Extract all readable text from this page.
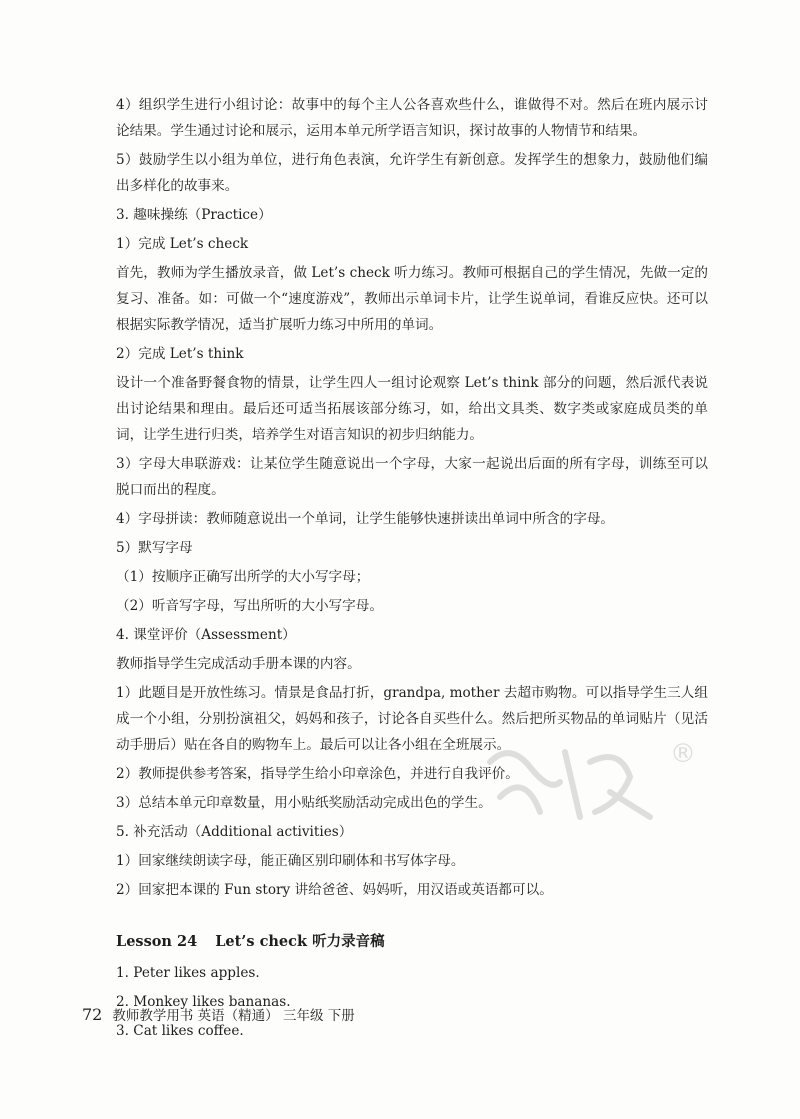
4）组织学生进行小组讨论：故事中的每个主人公各喜欢些什么，谁做得不对。然后在班内展示讨论结果。学生通过讨论和展示，运用本单元所学语言知识，探讨故事的人物情节和结果。

5）鼓励学生以小组为单位，进行角色表演，允许学生有新创意。发挥学生的想象力，鼓励他们编出多样化的故事来。

3. 趣味操练（Practice）

1）完成 Let’s check

首先，教师为学生播放录音，做 Let’s check 听力练习。教师可根据自己的学生情况，先做一定的复习、准备。如：可做一个“速度游戏”，教师出示单词卡片，让学生说单词，看谁反应快。还可以根据实际教学情况，适当扩展听力练习中所用的单词。

2）完成 Let’s think

设计一个准备野餐食物的情景，让学生四人一组讨论观察 Let’s think 部分的问题，然后派代表说出讨论结果和理由。最后还可适当拓展该部分练习，如，给出文具类、数字类或家庭成员类的单词，让学生进行归类，培养学生对语言知识的初步归纳能力。

3）字母大串联游戏：让某位学生随意说出一个字母，大家一起说出后面的所有字母，训练至可以脱口而出的程度。

4）字母拼读：教师随意说出一个单词，让学生能够快速拼读出单词中所含的字母。

5）默写字母

（1）按顺序正确写出所学的大小写字母；

（2）听音写字母，写出所听的大小写字母。

4. 课堂评价（Assessment）

教师指导学生完成活动手册本课的内容。

1）此题目是开放性练习。情景是食品打折，grandpa, mother 去超市购物。可以指导学生三人组成一个小组，分别扮演祖父，妈妈和孩子，讨论各自买些什么。然后把所买物品的单词贴片（见活动手册后）贴在各自的购物车上。最后可以让各小组在全班展示。

2）教师提供参考答案，指导学生给小印章涂色，并进行自我评价。

3）总结本单元印章数量，用小贴纸奖励活动完成出色的学生。

5. 补充活动（Additional activities）

1）回家继续朗读字母，能正确区别印刷体和书写体字母。

2）回家把本课的 Fun story 讲给爸爸、妈妈听，用汉语或英语都可以。

Lesson 24 Let’s check 听力录音稿

1. Peter likes apples.

2. Monkey likes bananas.

3. Cat likes coffee.

®
72 教师教学用书 英语（精通） 三年级 下册
